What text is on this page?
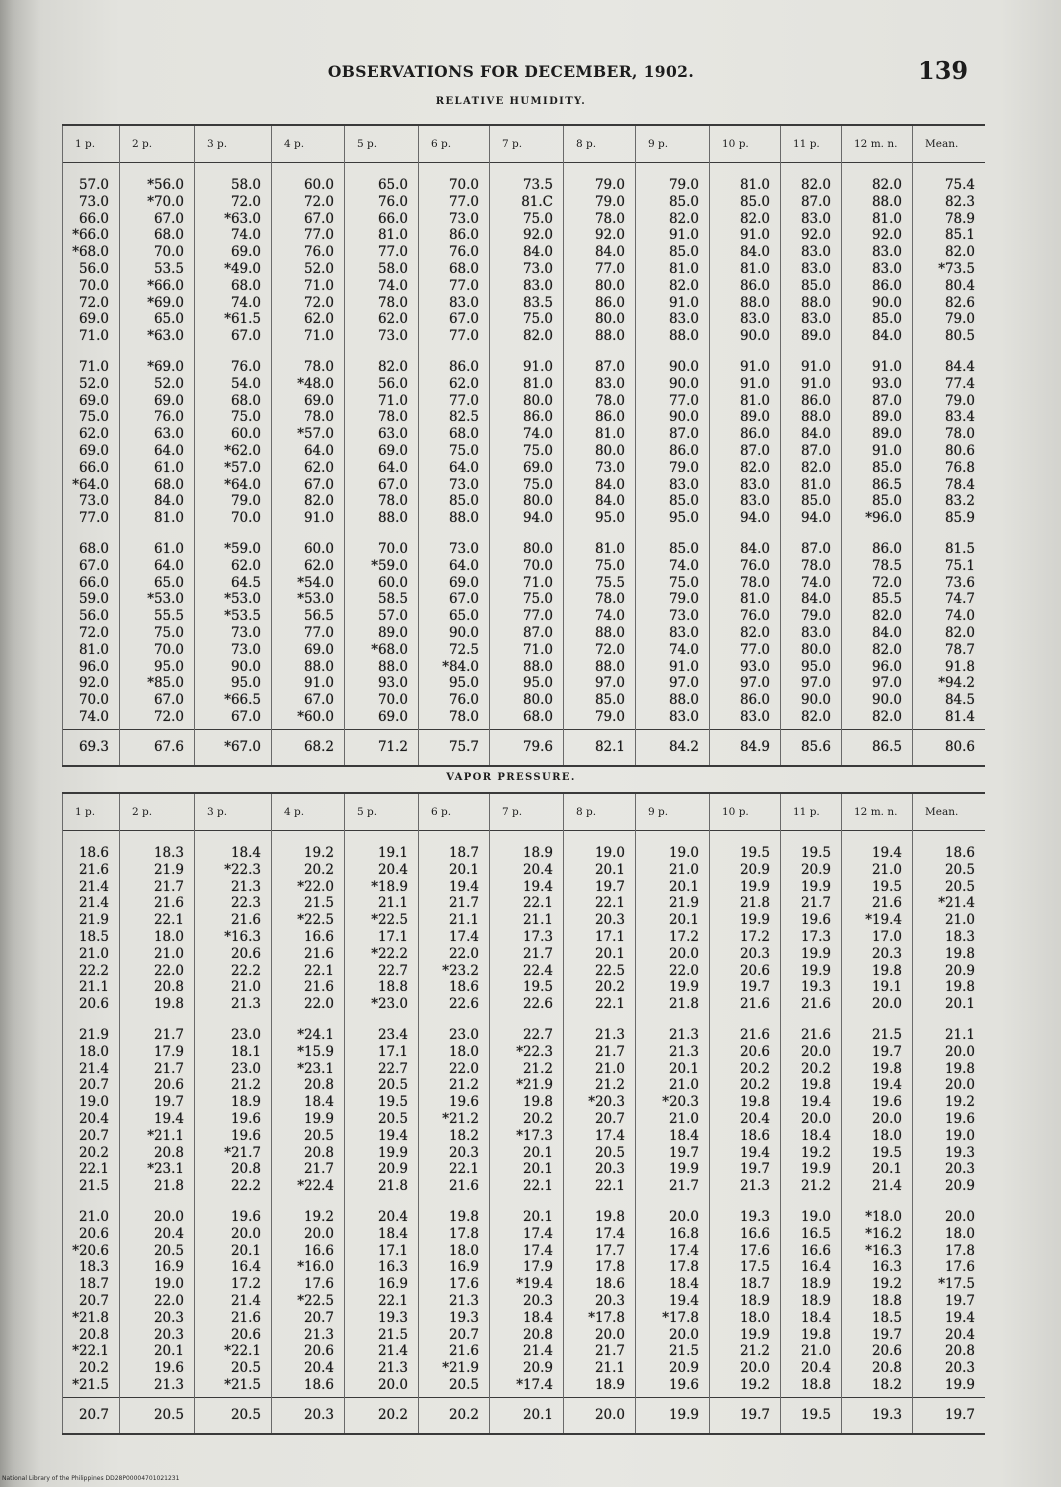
OBSERVATIONS FOR DECEMBER, 1902.	139
RELATIVE HUMIDITY.
1 p.
57.0
73.0
66.0
*66.0
*68.0
56.0
70.0
72.0
69.0
71.0
71.0
52.0
69.0
75.0
62.0
69.0
66.0
*64.0
73.0
77.0
68.0
67.0
66.0
59.0
56.0
72.0
81.0
96.0
92.0
70.0
74.0
69.3
2 p.
*56.0
*70.0
67.0
68.0
70.0
53.5
*66.0
*69.0
65.0
*63.0
*69.0
52.0
69.0
76.0
63.0
64.0
61.0
68.0
84.0
81.0
61.0
64.0
65.0
*53.0
55.5
75.0
70.0
95.0
*85.0
67.0
72.0
67.6
3 p.
58.0
72.0
*63.0
74.0
69.0
*49.0
68.0
74.0
*61.5
67.0
76.0
54.0
68.0
75.0
60.0
*62.0
*57.0
*64.0
79.0
70.0
*59.0
62.0
64.5
*53.0
*53.5
73.0
73.0
90.0
95.0
*66.5
67.0
*67.0
4 p.
60.0
72.0
67.0
77.0
76.0
52.0
71.0
72.0
62.0
71.0
78.0
*48.0
69.0
78.0
*57.0
64.0
62.0
67.0
82.0
91.0
60.0
62.0
*54.0
*53.0
56.5
77.0
69.0
88.0
91.0
67.0
*60.0
68.2
5 p.
65.0
76.0
66.0
81.0
77.0
58.0
74.0
78.0
62.0
73.0
82.0
56.0
71.0
78.0
63.0
69.0
64.0
67.0
78.0
88.0
70.0
*59.0
60.0
58.5
57.0
89.0
*68.0
88.0
93.0
70.0
69.0
71.2
6 p.
70.0
77.0
73.0
86.0
76.0
68.0
77.0
83.0
67.0
77.0
86.0
62.0
77.0
82.5
68.0
75.0
64.0
73.0
85.0
88.0
73.0
64.0
69.0
67.0
65.0
90.0
72.5
*84.0
95.0
76.0
78.0
75.7
7 p.
73.5
81.C
75.0
92.0
84.0
73.0
83.0
83.5
75.0
82.0
91.0
81.0
80.0
86.0
74.0
75.0
69.0
75.0
80.0
94.0
80.0
70.0
71.0
75.0
77.0
87.0
71.0
88.0
95.0
80.0
68.0
79.6
8 p.
79.0
79.0
78.0
92.0
84.0
77.0
80.0
86.0
80.0
88.0
87.0
83.0
78.0
86.0
81.0
80.0
73.0
84.0
84.0
95.0
81.0
75.0
75.5
78.0
74.0
88.0
72.0
88.0
97.0
85.0
79.0
82.1
9 p.
79.0
85.0
82.0
91.0
85.0
81.0
82.0
91.0
83.0
88.0
90.0
90.0
77.0
90.0
87.0
86.0
79.0
83.0
85.0
95.0
85.0
74.0
75.0
79.0
73.0
83.0
74.0
91.0
97.0
88.0
83.0
84.2
10 p.
81.0
85.0
82.0
91.0
84.0
81.0
86.0
88.0
83.0
90.0
91.0
91.0
81.0
89.0
86.0
87.0
82.0
83.0
83.0
94.0
84.0
76.0
78.0
81.0
76.0
82.0
77.0
93.0
97.0
86.0
83.0
84.9
11 p.
82.0
87.0
83.0
92.0
83.0
83.0
85.0
88.0
83.0
89.0
91.0
91.0
86.0
88.0
84.0
87.0
82.0
81.0
85.0
94.0
87.0
78.0
74.0
84.0
79.0
83.0
80.0
95.0
97.0
90.0
82.0
85.6
12 m. n.
82.0
88.0
81.0
92.0
83.0
83.0
86.0
90.0
85.0
84.0
91.0
93.0
87.0
89.0
89.0
91.0
85.0
86.5
85.0
*96.0
86.0
78.5
72.0
85.5
82.0
84.0
82.0
96.0
97.0
90.0
82.0
86.5
Mean.
75.4
82.3
78.9
85.1
82.0
*73.5
80.4
82.6
79.0
80.5
84.4
77.4
79.0
83.4
78.0
80.6
76.8
78.4
83.2
85.9
81.5
75.1
73.6
74.7
74.0
82.0
78.7
91.8
*94.2
84.5
81.4
80.6
VAPOR PRESSURE.
1 p.
18.6
21.6
21.4
21.4
21.9
18.5
21.0
22.2
21.1
20.6
21.9
18.0
21.4
20.7
19.0
20.4
20.7
20.2
22.1
21.5
21.0
20.6
*20.6
18.3
18.7
20.7
*21.8
20.8
*22.1
20.2
*21.5
20.7
2 p.
18.3
21.9
21.7
21.6
22.1
18.0
21.0
22.0
20.8
19.8
21.7
17.9
21.7
20.6
19.7
19.4
*21.1
20.8
*23.1
21.8
20.0
20.4
20.5
16.9
19.0
22.0
20.3
20.3
20.1
19.6
21.3
20.5
3 p.
18.4
*22.3
21.3
22.3
21.6
*16.3
20.6
22.2
21.0
21.3
23.0
18.1
23.0
21.2
18.9
19.6
19.6
*21.7
20.8
22.2
19.6
20.0
20.1
16.4
17.2
21.4
21.6
20.6
*22.1
20.5
*21.5
20.5
4 p.
19.2
20.2
*22.0
21.5
*22.5
16.6
21.6
22.1
21.6
22.0
*24.1
*15.9
*23.1
20.8
18.4
19.9
20.5
20.8
21.7
*22.4
19.2
20.0
16.6
*16.0
17.6
*22.5
20.7
21.3
20.6
20.4
18.6
20.3
5 p.
19.1
20.4
*18.9
21.1
*22.5
17.1
*22.2
22.7
18.8
*23.0
23.4
17.1
22.7
20.5
19.5
20.5
19.4
19.9
20.9
21.8
20.4
18.4
17.1
16.3
16.9
22.1
19.3
21.5
21.4
21.3
20.0
20.2
6 p.
18.7
20.1
19.4
21.7
21.1
17.4
22.0
*23.2
18.6
22.6
23.0
18.0
22.0
21.2
19.6
*21.2
18.2
20.3
22.1
21.6
19.8
17.8
18.0
16.9
17.6
21.3
19.3
20.7
21.6
*21.9
20.5
20.2
7 p.
18.9
20.4
19.4
22.1
21.1
17.3
21.7
22.4
19.5
22.6
22.7
*22.3
21.2
*21.9
19.8
20.2
*17.3
20.1
20.1
22.1
20.1
17.4
17.4
17.9
*19.4
20.3
18.4
20.8
21.4
20.9
*17.4
20.1
8 p.
19.0
20.1
19.7
22.1
20.3
17.1
20.1
22.5
20.2
22.1
21.3
21.7
21.0
21.2
*20.3
20.7
17.4
20.5
20.3
22.1
19.8
17.4
17.7
17.8
18.6
20.3
*17.8
20.0
21.7
21.1
18.9
20.0
9 p.
19.0
21.0
20.1
21.9
20.1
17.2
20.0
22.0
19.9
21.8
21.3
21.3
20.1
21.0
*20.3
21.0
18.4
19.7
19.9
21.7
20.0
16.8
17.4
17.8
18.4
19.4
*17.8
20.0
21.5
20.9
19.6
19.9
10 p.
19.5
20.9
19.9
21.8
19.9
17.2
20.3
20.6
19.7
21.6
21.6
20.6
20.2
20.2
19.8
20.4
18.6
19.4
19.7
21.3
19.3
16.6
17.6
17.5
18.7
18.9
18.0
19.9
21.2
20.0
19.2
19.7
11 p.
19.5
20.9
19.9
21.7
19.6
17.3
19.9
19.9
19.3
21.6
21.6
20.0
20.2
19.8
19.4
20.0
18.4
19.2
19.9
21.2
19.0
16.5
16.6
16.4
18.9
18.9
18.4
19.8
21.0
20.4
18.8
19.5
12 m. n.
19.4
21.0
19.5
21.6
*19.4
17.0
20.3
19.8
19.1
20.0
21.5
19.7
19.8
19.4
19.6
20.0
18.0
19.5
20.1
21.4
*18.0
*16.2
*16.3
16.3
19.2
18.8
18.5
19.7
20.6
20.8
18.2
19.3
Mean.
18.6
20.5
20.5
*21.4
21.0
18.3
19.8
20.9
19.8
20.1
21.1
20.0
19.8
20.0
19.2
19.6
19.0
19.3
20.3
20.9
20.0
18.0
17.8
17.6
*17.5
19.7
19.4
20.4
20.8
20.3
19.9
19.7
National Library of the Philippines DD28P00004701021231
